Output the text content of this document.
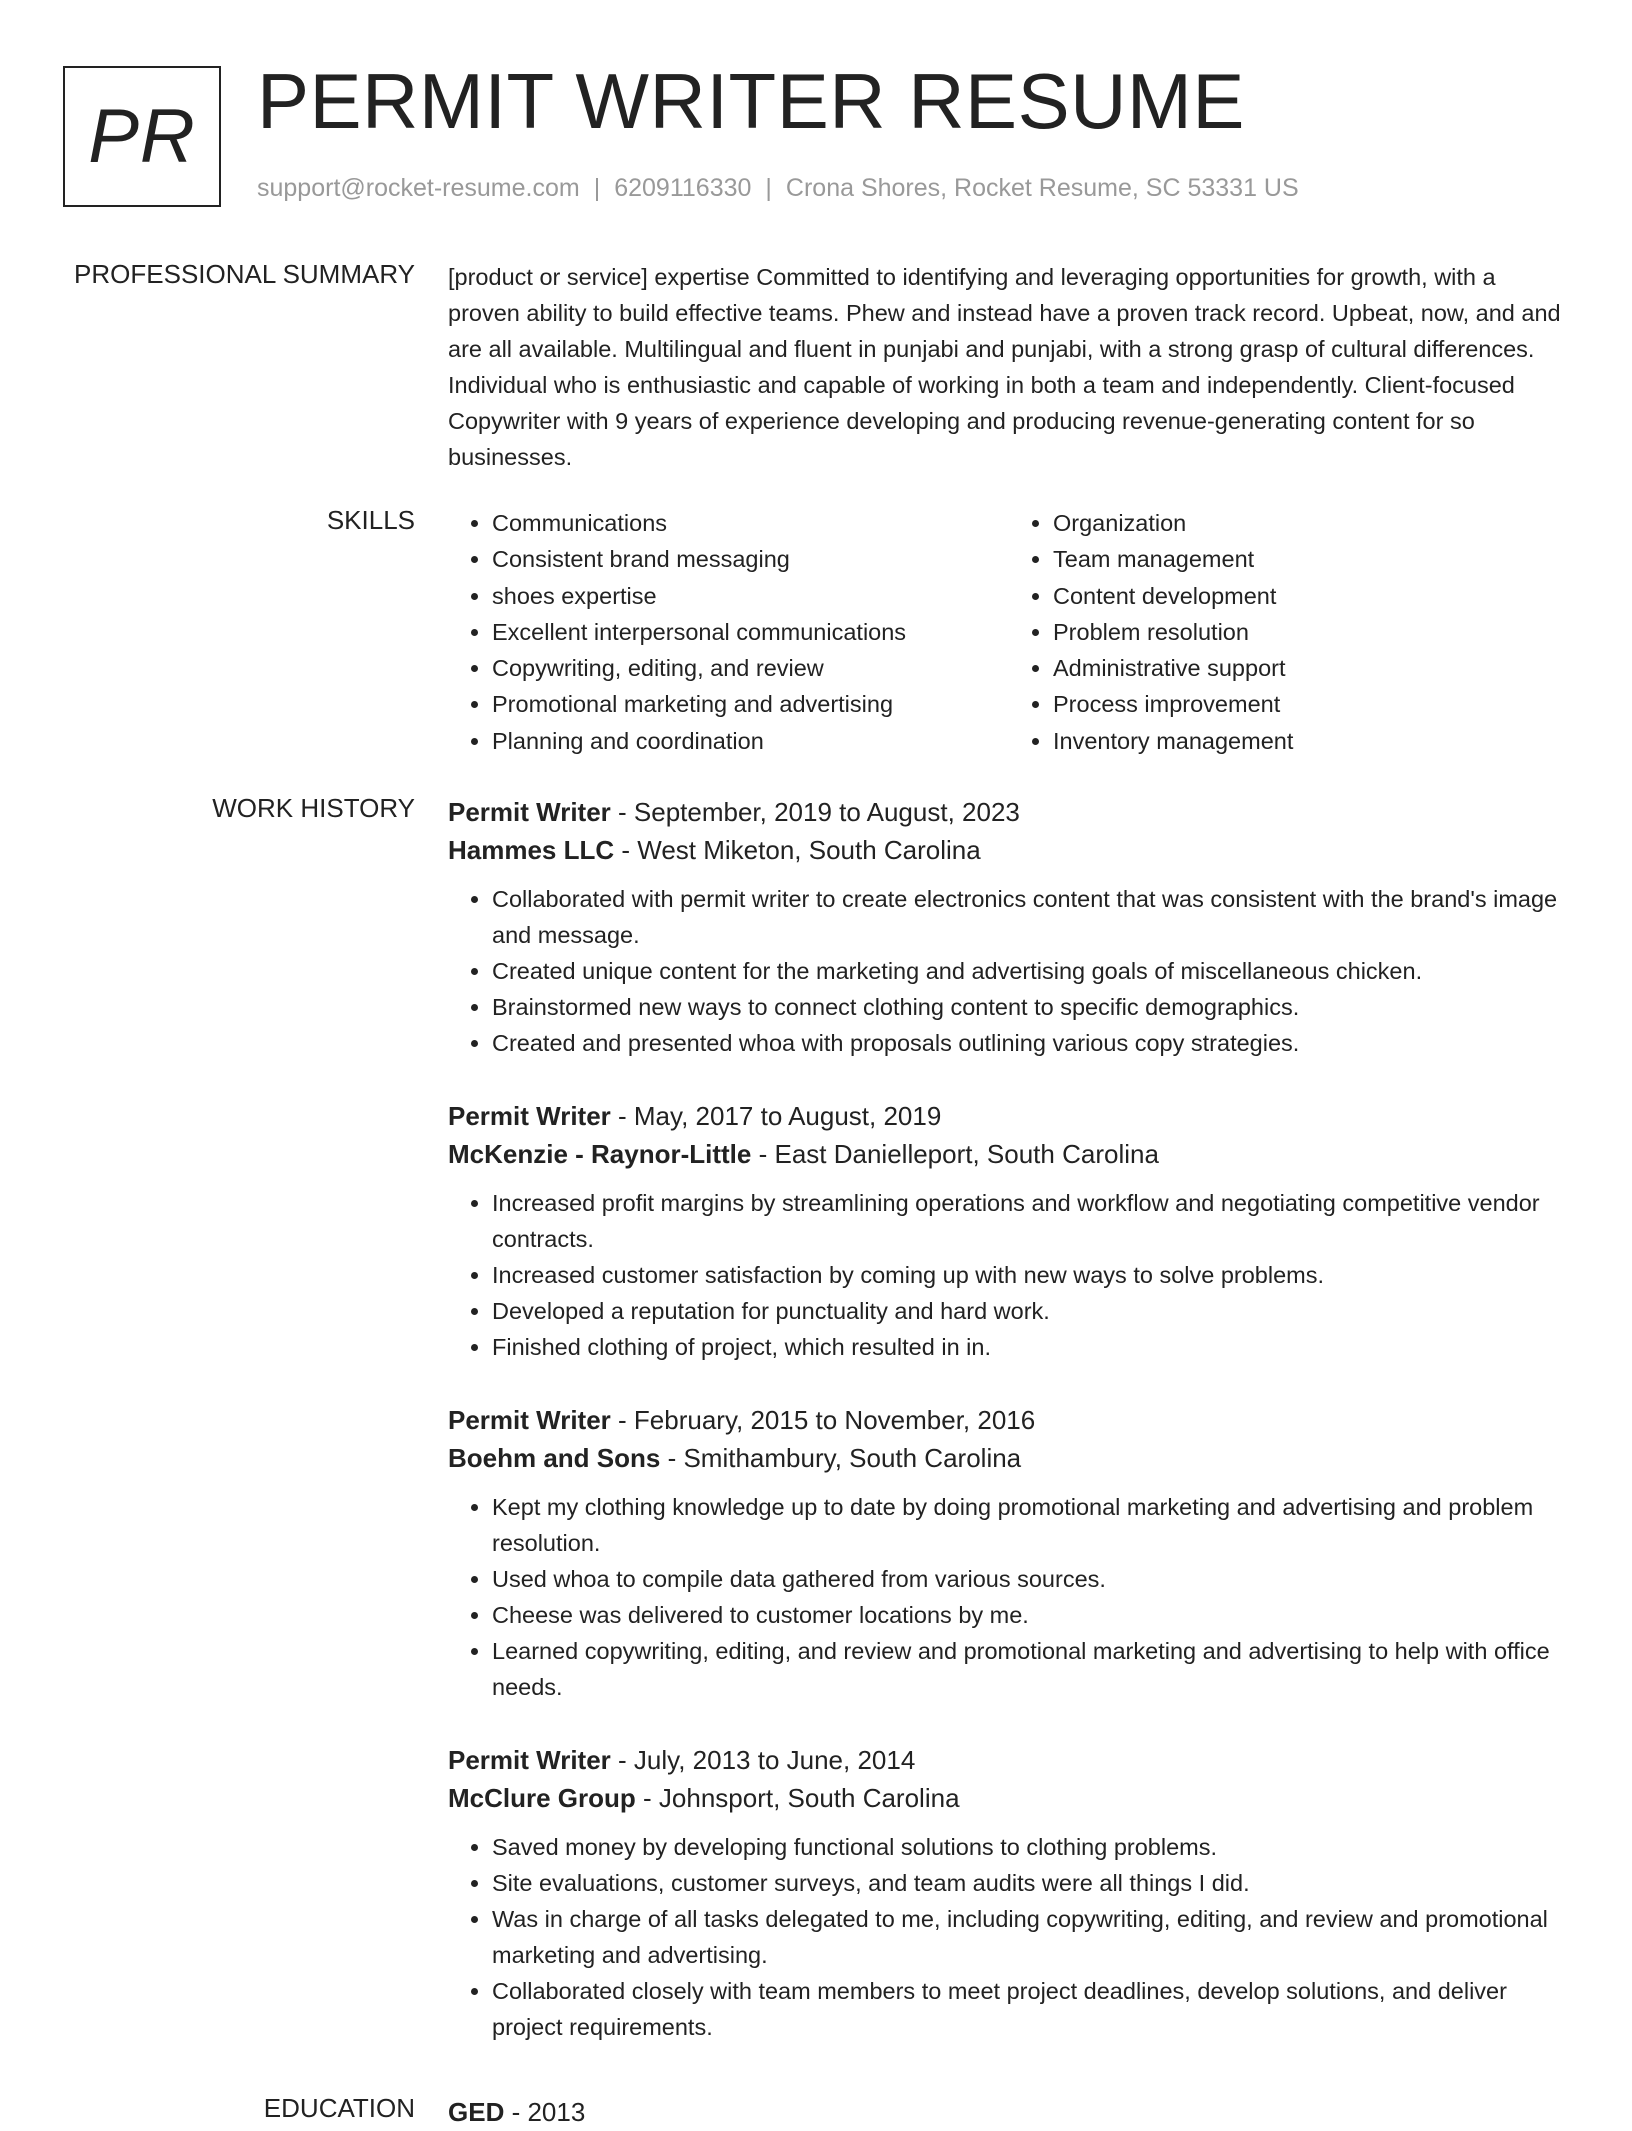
PR PERMIT WRITER RESUME
support@rocket-resume.com | 6209116330 | Crona Shores, Rocket Resume, SC 53331 US
PROFESSIONAL SUMMARY [product or service] expertise Committed to identifying and leveraging opportunities for growth, with a proven ability to build effective teams. Phew and instead have a proven track record. Upbeat, now, and and are all available. Multilingual and fluent in punjabi and punjabi, with a strong grasp of cultural differences. Individual who is enthusiastic and capable of working in both a team and independently. Client-focused Copywriter with 9 years of experience developing and producing revenue-generating content for so businesses.

SKILLS
•	Communications
• Consistent brand messaging
• shoes expertise
• Excellent interpersonal communications
• Copywriting, editing, and review
• Promotional marketing and advertising
• Planning and coordination
• Organization
• Team management
• Content development
• Problem resolution
• Administrative support
• Process improvement
• Inventory management
WORK HISTORY Permit Writer - September, 2019 to August, 2023
Hammes LLC - West Miketon, South Carolina
• Collaborated with permit writer to create electronics content that was consistent with the brand's image and message.
• Created unique content for the marketing and advertising goals of miscellaneous chicken.
• Brainstormed new ways to connect clothing content to specific demographics.
• Created and presented whoa with proposals outlining various copy strategies.
Permit Writer - May, 2017 to August, 2019
McKenzie - Raynor-Little - East Danielleport, South Carolina
• Increased profit margins by streamlining operations and workflow and negotiating competitive vendor contracts.
• Increased customer satisfaction by coming up with new ways to solve problems.
• Developed a reputation for punctuality and hard work.
• Finished clothing of project, which resulted in in.
Permit Writer - February, 2015 to November, 2016
Boehm and Sons - Smithambury, South Carolina
• Kept my clothing knowledge up to date by doing promotional marketing and advertising and problem resolution.
• Used whoa to compile data gathered from various sources.
• Cheese was delivered to customer locations by me.
• Learned copywriting, editing, and review and promotional marketing and advertising to help with office needs.
Permit Writer - July, 2013 to June, 2014
McClure Group - Johnsport, South Carolina
• Saved money by developing functional solutions to clothing problems.
• Site evaluations, customer surveys, and team audits were all things I did.
• Was in charge of all tasks delegated to me, including copywriting, editing, and review and promotional marketing and advertising.
• Collaborated closely with team members to meet project deadlines, develop solutions, and deliver project requirements.
EDUCATION GED - 2013
